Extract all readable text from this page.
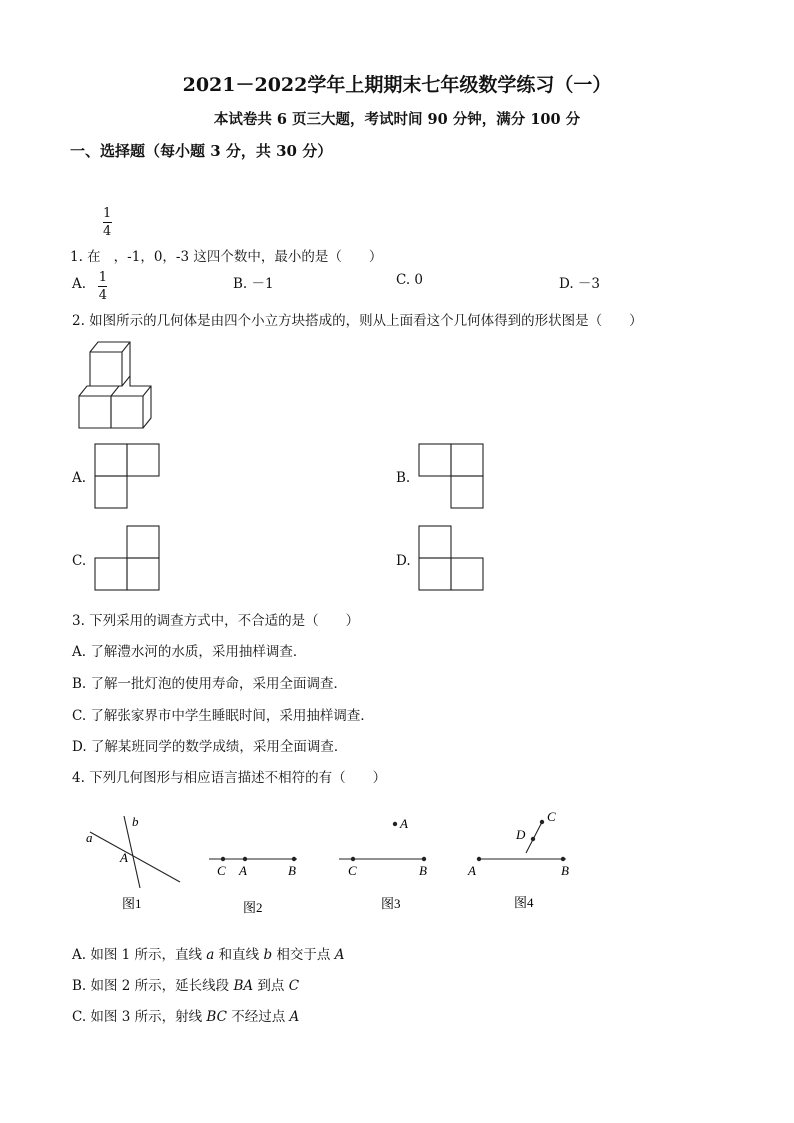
2021－2022学年上期期末七年级数学练习（一）
本试卷共 6 页三大题，考试时间 90 分钟，满分 100 分
一、选择题（每小题 3 分，共 30 分）
1. 在
$\frac{1}{4}$
，-1，0，-3 这四个数中，最小的是（　　）
A. $\frac{1}{4}$	B. －1	C. 0	D. －3
2. 如图所示的几何体是由四个小立方块搭成的，则从上面看这个几何体得到的形状图是（　　）
A.	B.
C.	D.
3. 下列采用的调查方式中，不合适的是（　　）
A. 了解澧水河的水质，采用抽样调查．
B. 了解一批灯泡的使用寿命，采用全面调查．
C. 了解张家界市中学生睡眠时间，采用抽样调查．
D. 了解某班同学的数学成绩，采用全面调查．
4. 下列几何图形与相应语言描述不相符的有（　　）
a
b
A
图1
C A	B
图2
A
C	B
图3
C
D
A	B
图4
A. 如图 1 所示，直线 a 和直线 b 相交于点 A
B. 如图 2 所示，延长线段 BA 到点 C
C. 如图 3 所示，射线 BC 不经过点 A
